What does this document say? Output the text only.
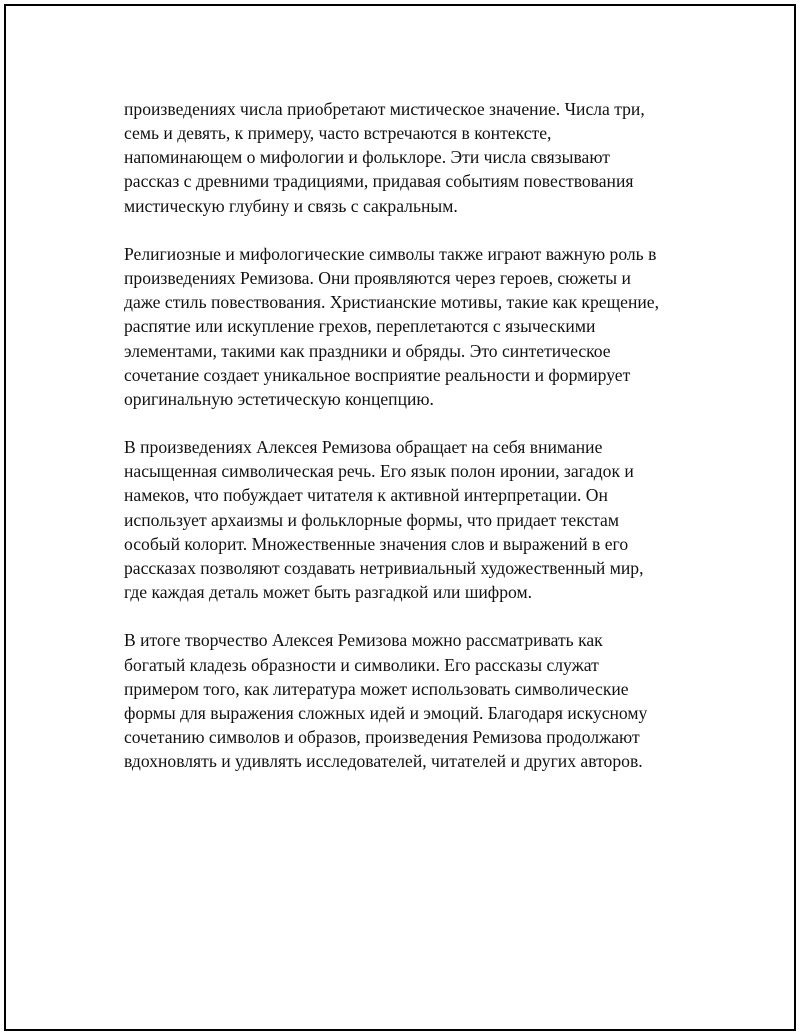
произведениях числа приобретают мистическое значение. Числа три,
семь и девять, к примеру, часто встречаются в контексте,
напоминающем о мифологии и фольклоре. Эти числа связывают
рассказ с древними традициями, придавая событиям повествования
мистическую глубину и связь с сакральным.

Религиозные и мифологические символы также играют важную роль в
произведениях Ремизова. Они проявляются через героев, сюжеты и
даже стиль повествования. Христианские мотивы, такие как крещение,
распятие или искупление грехов, переплетаются с языческими
элементами, такими как праздники и обряды. Это синтетическое
сочетание создает уникальное восприятие реальности и формирует
оригинальную эстетическую концепцию.

В произведениях Алексея Ремизова обращает на себя внимание
насыщенная символическая речь. Его язык полон иронии, загадок и
намеков, что побуждает читателя к активной интерпретации. Он
использует архаизмы и фольклорные формы, что придает текстам
особый колорит. Множественные значения слов и выражений в его
рассказах позволяют создавать нетривиальный художественный мир,
где каждая деталь может быть разгадкой или шифром.

В итоге творчество Алексея Ремизова можно рассматривать как
богатый кладезь образности и символики. Его рассказы служат
примером того, как литература может использовать символические
формы для выражения сложных идей и эмоций. Благодаря искусному
сочетанию символов и образов, произведения Ремизова продолжают
вдохновлять и удивлять исследователей, читателей и других авторов.
